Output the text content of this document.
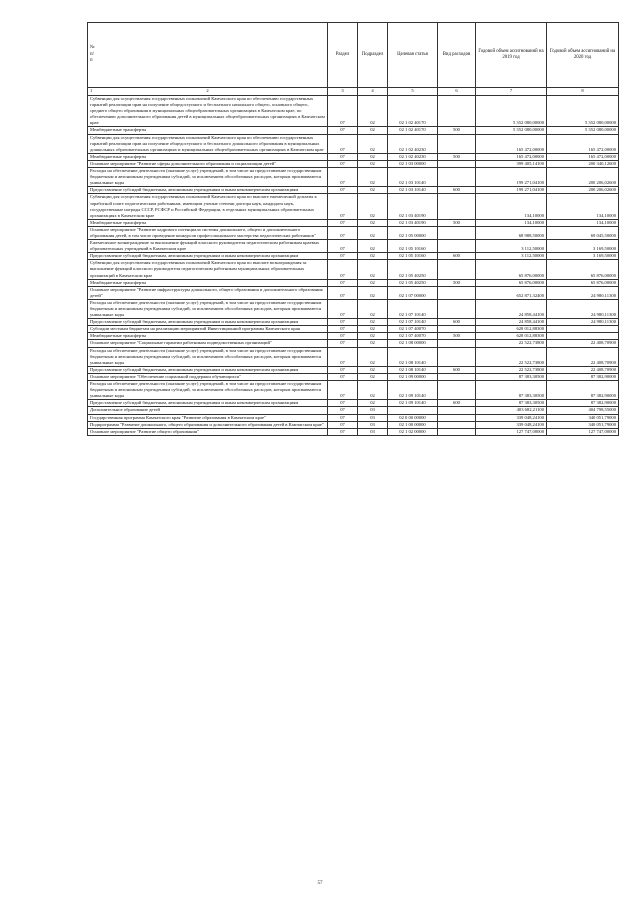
№ п/п		Раздел	Подраздел	Целевая статья	Вид расходов	Годовой объем ассигнований на 2019 год	Годовой объем ассигнований на 2020 год
1	2	3	4	5	6	7	8
	Субвенции для осуществления государственных полномочий Камчатского края по обеспечению государственных гарантий реализации прав на получение общедоступного и бесплатного начального общего, основного общего, среднего общего образования в муниципальных общеобразовательных организациях в Камчатском крае, по обеспечению дополнительного образования детей в муниципальных общеобразовательных организациях в Камчатском крае	07	02	02 1 02 40170		5 352 080,00000	5 352 080,00000
	Межбюджетные трансферты	07	02	02 1 02 40170	500	5 352 080,00000	5 352 080,00000
	Субвенции для осуществления государственных полномочий Камчатского края по обеспечению государственных гарантий реализации прав на получение общедоступного и бесплатного дошкольного образования в муниципальных дошкольных образовательных организациях и муниципальных общеобразовательных организациях в Камчатском крае	07	02	02 1 02 40230		165 472,00000	165 472,00000
	Межбюджетные трансферты	07	02	02 1 02 40230	500	165 472,00000	165 472,00000
	Основное мероприятие "Развитие сферы дополнительного образования и социализации детей"	07	02	02 1 03 00000		399 405,14100	200 340,12600
	Расходы на обеспечение деятельности (оказание услуг) учреждений, в том числе на предоставление государственным бюджетным и автономным учреждениям субсидий, за исключением обособленных расходов, которым присваиваются уникальные коды	07	02	02 1 03 10140		199 271,04100	200 206,02600
	Предоставление субсидий бюджетным, автономным учреждениям и иным некоммерческим организациям	07	02	02 1 03 10140	600	199 271,04100	200 206,02600
	Субвенции для осуществления государственных полномочий Камчатского края по выплате ежемесячной доплаты к заработной плате педагогическим работникам, имеющим ученые степени доктора наук, кандидата наук, государственные награды СССР, РСФСР и Российской Федерации, в отдельных муниципальных образовательных организациях в Камчатском крае	07	02	02 1 03 40190		134,10000	134,10000
	Межбюджетные трансферты	07	02	02 1 03 40190	500	134,10000	134,10000
	Основное мероприятие "Развитие кадрового потенциала системы дошкольного, общего и дополнительного образования детей, в том числе проведение конкурсов профессионального мастерства педагогических работников"	07	02	02 1 05 00000		68 988,50000	69 045,50000
	Ежемесячное вознаграждение за выполнение функций классного руководителя педагогическим работникам краевых образовательных учреждений в Камчатском крае	07	02	02 1 05 10160		3 112,50000	3 169,50000
	Предоставление субсидий бюджетным, автономным учреждениям и иным некоммерческим организациям	07	02	02 1 05 10160	600	3 112,50000	3 169,50000
	Субвенции для осуществления государственных полномочий Камчатского края по выплате вознаграждения за выполнение функций классного руководителя педагогическим работникам муниципальных образовательных организаций в Камчатском крае	07	02	02 1 05 40250		65 876,00000	65 876,00000
	Межбюджетные трансферты	07	02	02 1 05 40250	500	65 876,00000	65 876,00000
	Основное мероприятие "Развитие инфраструктуры дошкольного, общего образования и дополнительного образования детей"	07	02	02 1 07 00000		652 871,32400	24 980,11300
	Расходы на обеспечение деятельности (оказание услуг) учреждений, в том числе на предоставление государственным бюджетным и автономным учреждениям субсидий, за исключением обособленных расходов, которым присваиваются уникальные коды	07	02	02 1 07 10140		24 858,44100	24 980,11300
	Предоставление субсидий бюджетным, автономным учреждениям и иным некоммерческим организациям	07	02	02 1 07 10140	600	24 858,44100	24 980,11300
	Субсидии местным бюджетам на реализацию мероприятий Инвестиционной программы Камчатского края	07	02	02 1 07 40070		628 012,88300	
	Межбюджетные трансферты	07	02	02 1 07 40070	500	628 012,88300	
	Основное мероприятие "Социальные гарантии работникам подведомственных организаций"	07	02	02 1 08 00000		22 522,73800	22 408,70900
	Расходы на обеспечение деятельности (оказание услуг) учреждений, в том числе на предоставление государственным бюджетным и автономным учреждениям субсидий, за исключением обособленных расходов, которым присваиваются уникальные коды	07	02	02 1 08 10140		22 522,73800	22 408,70900
	Предоставление субсидий бюджетным, автономным учреждениям и иным некоммерческим организациям	07	02	02 1 08 10140	600	22 522,73800	22 408,70900
	Основное мероприятие "Обеспечение социальной поддержки обучающихся"	07	02	02 1 09 00000		87 383,30500	87 382,90000
	Расходы на обеспечение деятельности (оказание услуг) учреждений, в том числе на предоставление государственным бюджетным и автономным учреждениям субсидий, за исключением обособленных расходов, которым присваиваются уникальные коды	07	02	02 1 09 10140		87 383,30500	87 382,90000
	Предоставление субсидий бюджетным, автономным учреждениям и иным некоммерческим организациям	07	02	02 1 09 10140	600	87 383,30500	87 382,90000
	Дополнительное образование детей	07	03			403 682,21100	404 798,55000
	Государственная программа Камчатского края "Развитие образования в Камчатском крае"	07	03	02 0 00 00000		339 048,24100	340 051,79000
	Подпрограмма "Развитие дошкольного, общего образования и дополнительного образования детей в Камчатском крае"	07	03	02 1 00 00000		339 048,24100	340 051,79000
	Основное мероприятие "Развитие общего образования"	07	03	02 1 02 00000		127 747,00000	127 747,00000
57
